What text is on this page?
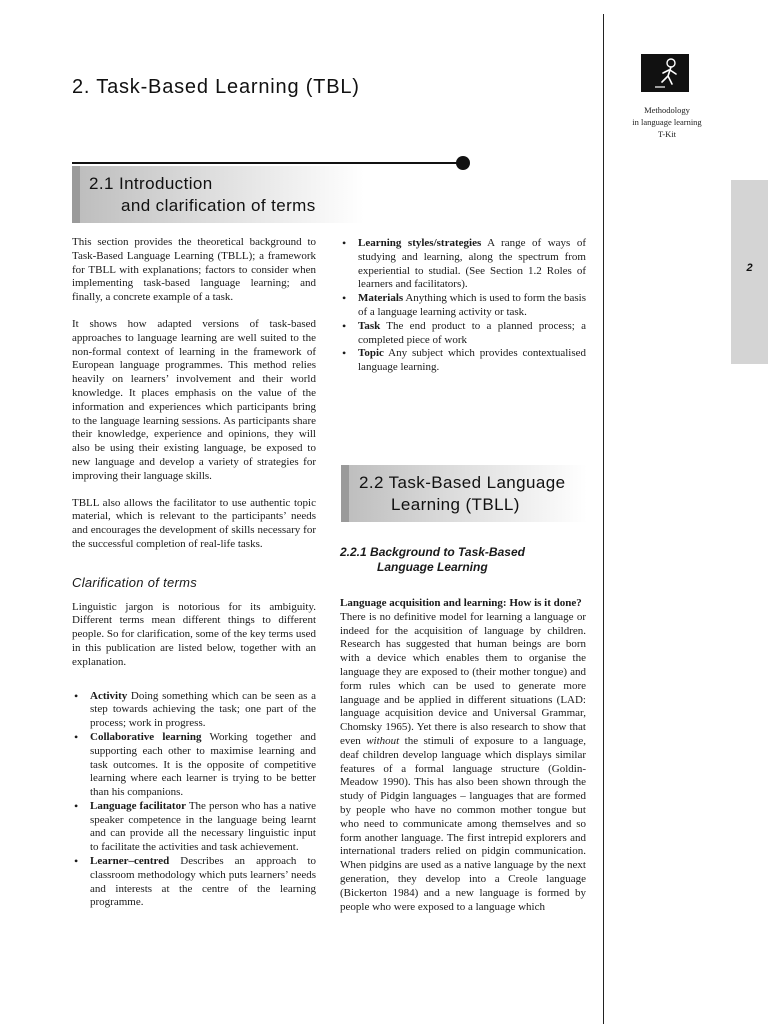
Methodology
in language learning
T-Kit
2
2. Task-Based Learning (TBL)
2.1 Introduction
and clarification of terms

This section provides the theoretical background to Task-Based Language Learning (TBLL); a framework for TBLL with explanations; factors to consider when implementing task-based language learning; and finally, a concrete example of a task.

It shows how adapted versions of task-based approaches to language learning are well suited to the non-formal context of learning in the framework of European language programmes. This method relies heavily on learners’ involvement and their world knowledge. It places emphasis on the value of the information and experiences which participants bring to the language learning sessions. As participants share their knowledge, experience and opinions, they will also be using their existing language, be exposed to new language and develop a variety of strategies for improving their language skills.

TBLL also allows the facilitator to use authentic topic material, which is relevant to the participants’ needs and encourages the development of skills necessary for the successful completion of real-life tasks.

Clarification of terms

Linguistic jargon is notorious for its ambiguity. Different terms mean different things to different people. So for clarification, some of the key terms used in this publication are listed below, together with an explanation.

• Activity Doing something which can be seen as a step towards achieving the task; one part of the process; work in progress.
• Collaborative learning Working together and supporting each other to maximise learning and task outcomes. It is the opposite of competitive learning where each learner is trying to be better than his companions.
• Language facilitator The person who has a native speaker competence in the language being learnt and can provide all the necessary linguistic input to facilitate the activities and task achievement.
• Learner–centred Describes an approach to classroom methodology which puts learners’ needs and interests at the centre of the learning programme.
• Learning styles/strategies A range of ways of studying and learning, along the spectrum from experiential to studial. (See Section 1.2 Roles of learners and facilitators).
• Materials Anything which is used to form the basis of a language learning activity or task.
• Task The end product to a planned process; a completed piece of work
• Topic Any subject which provides contextualised language learning.
2.2 Task-Based Language
Learning (TBLL)

2.2.1 Background to Task-Based

Language Learning

Language acquisition and learning: How is it done?

There is no definitive model for learning a language or indeed for the acquisition of language by children. Research has suggested that human beings are born with a device which enables them to organise the language they are exposed to (their mother tongue) and form rules which can be used to generate more language and be applied in different situations (LAD: language acquisition device and Universal Grammar, Chomsky 1965). Yet there is also research to show that even without the stimuli of exposure to a language, deaf children develop language which displays similar features of a formal language structure (Goldin-Meadow 1990). This has also been shown through the study of Pidgin languages – languages that are formed by people who have no common mother tongue but who need to communicate among themselves and so form another language. The first intrepid explorers and international traders relied on pidgin communication. When pidgins are used as a native language by the next generation, they develop into a Creole language (Bickerton 1984) and a new language is formed by people who were exposed to a language which
